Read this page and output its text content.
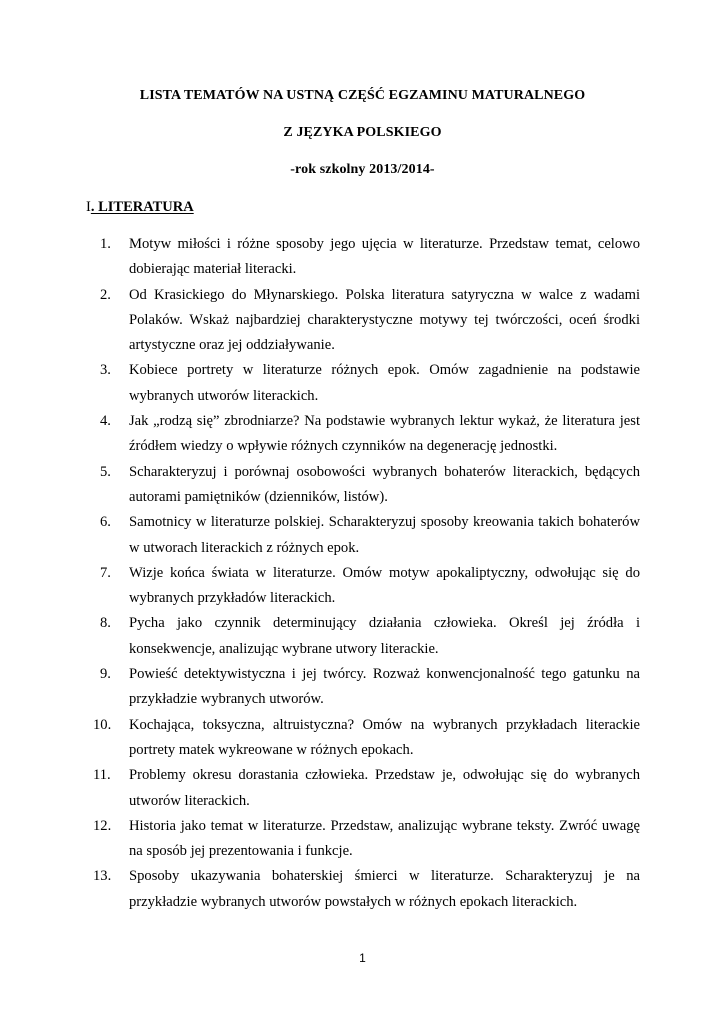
LISTA TEMATÓW NA USTNĄ CZĘŚĆ EGZAMINU MATURALNEGO
Z JĘZYKA POLSKIEGO
-rok szkolny 2013/2014-
I. LITERATURA
1.	Motyw miłości i różne sposoby jego ujęcia w literaturze. Przedstaw temat, celowo dobierając materiał literacki.
2.	Od Krasickiego do Młynarskiego. Polska literatura satyryczna w walce z wadami Polaków. Wskaż najbardziej charakterystyczne motywy tej twórczości, oceń środki artystyczne oraz jej oddziaływanie.
3.	Kobiece portrety w literaturze różnych epok. Omów zagadnienie na podstawie wybranych utworów literackich.
4.	Jak „rodzą się” zbrodniarze? Na podstawie wybranych lektur wykaż, że literatura jest źródłem wiedzy o wpływie różnych czynników na degenerację jednostki.
5.	Scharakteryzuj i porównaj osobowości wybranych bohaterów literackich, będących autorami pamiętników (dzienników, listów).
6.	Samotnicy w literaturze polskiej. Scharakteryzuj sposoby kreowania takich bohaterów w utworach literackich z różnych epok.
7.	Wizje końca świata w literaturze. Omów motyw apokaliptyczny, odwołując się do wybranych przykładów literackich.
8.	Pycha jako czynnik determinujący działania człowieka. Określ jej źródła i konsekwencje, analizując wybrane utwory literackie.
9.	Powieść detektywistyczna i jej twórcy. Rozważ konwencjonalność tego gatunku na przykładzie wybranych utworów.
10.	Kochająca, toksyczna, altruistyczna? Omów na wybranych przykładach literackie portrety matek wykreowane w różnych epokach.
11.	Problemy okresu dorastania człowieka. Przedstaw je, odwołując się do wybranych utworów literackich.
12.	Historia jako temat w literaturze. Przedstaw, analizując wybrane teksty. Zwróć uwagę na sposób jej prezentowania i funkcje.
13.	Sposoby ukazywania bohaterskiej śmierci w literaturze. Scharakteryzuj je na przykładzie wybranych utworów powstałych w różnych epokach literackich.
1
